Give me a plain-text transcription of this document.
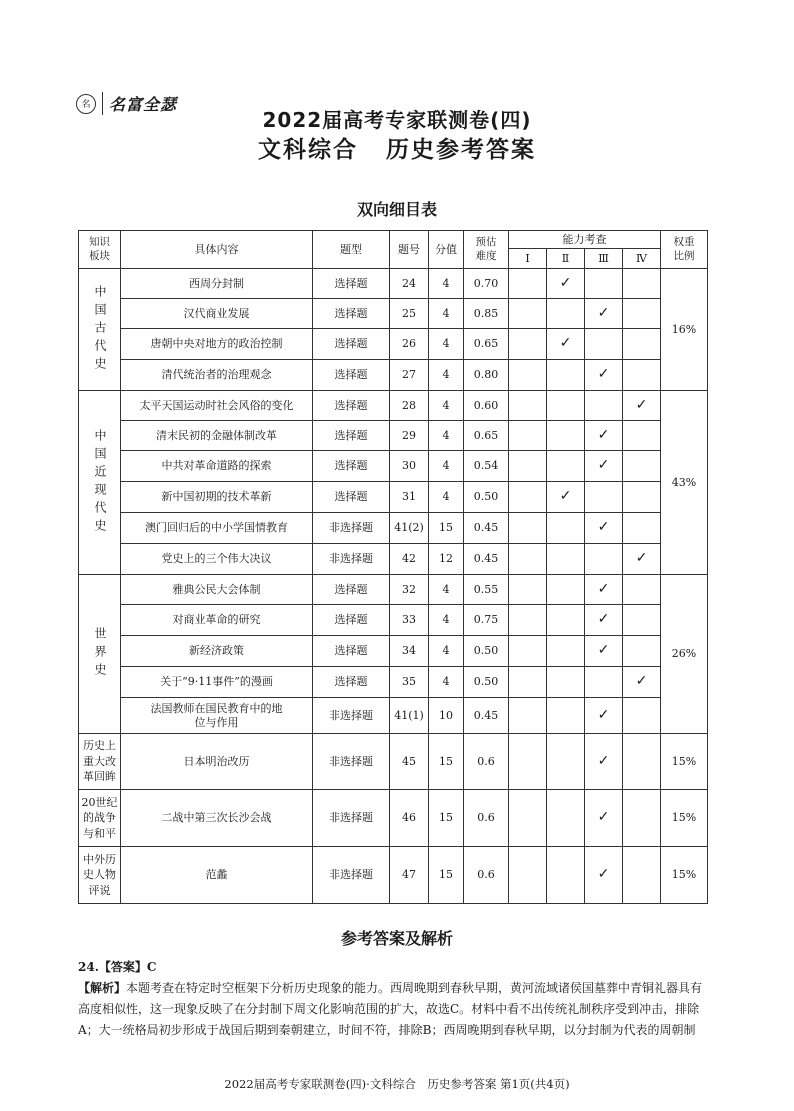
名	名富全瑟
2022届高考专家联测卷(四)
文科综合 历史参考答案
双向细目表
知识板块	具体内容	题型	题号	分值	预估难度	能力考查				权重比例

						Ⅰ	Ⅱ	Ⅲ	Ⅳ	

中国古代史	西周分封制	选择题	24	4	0.70		✓			16%
	汉代商业发展	选择题	25	4	0.85			✓		
	唐朝中央对地方的政治控制	选择题	26	4	0.65		✓			
	清代统治者的治理观念	选择题	27	4	0.80			✓		

中国近现代史	太平天国运动时社会风俗的变化	选择题	28	4	0.60				✓	43%
	清末民初的金融体制改革	选择题	29	4	0.65			✓		
	中共对革命道路的探索	选择题	30	4	0.54			✓		
	新中国初期的技术革新	选择题	31	4	0.50		✓			
	澳门回归后的中小学国情教育	非选择题	41(2)	15	0.45			✓		
	党史上的三个伟大决议	非选择题	42	12	0.45				✓	

世界史	雅典公民大会体制	选择题	32	4	0.55			✓		26%
	对商业革命的研究	选择题	33	4	0.75			✓		
	新经济政策	选择题	34	4	0.50			✓		
	关于“9·11事件”的漫画	选择题	35	4	0.50				✓	
	法国教师在国民教育中的地位与作用	非选择题	41(1)	10	0.45			✓		

历史上重大改革回眸	日本明治改历	非选择题	45	15	0.6			✓		15%

20世纪的战争与和平	二战中第三次长沙会战	非选择题	46	15	0.6			✓		15%

中外历史人物评说	范蠡	非选择题	47	15	0.6			✓		15%
参考答案及解析
24.【答案】C
【解析】本题考查在特定时空框架下分析历史现象的能力。西周晚期到春秋早期，黄河流域诸侯国墓葬中青铜礼器具有高度相似性，这一现象反映了在分封制下周文化影响范围的扩大，故选C。材料中看不出传统礼制秩序受到冲击，排除A；大一统格局初步形成于战国后期到秦朝建立，时间不符，排除B；西周晚期到春秋早期，以分封制为代表的周朝制
2022届高考专家联测卷(四)·文科综合　历史参考答案 第1页(共4页)
